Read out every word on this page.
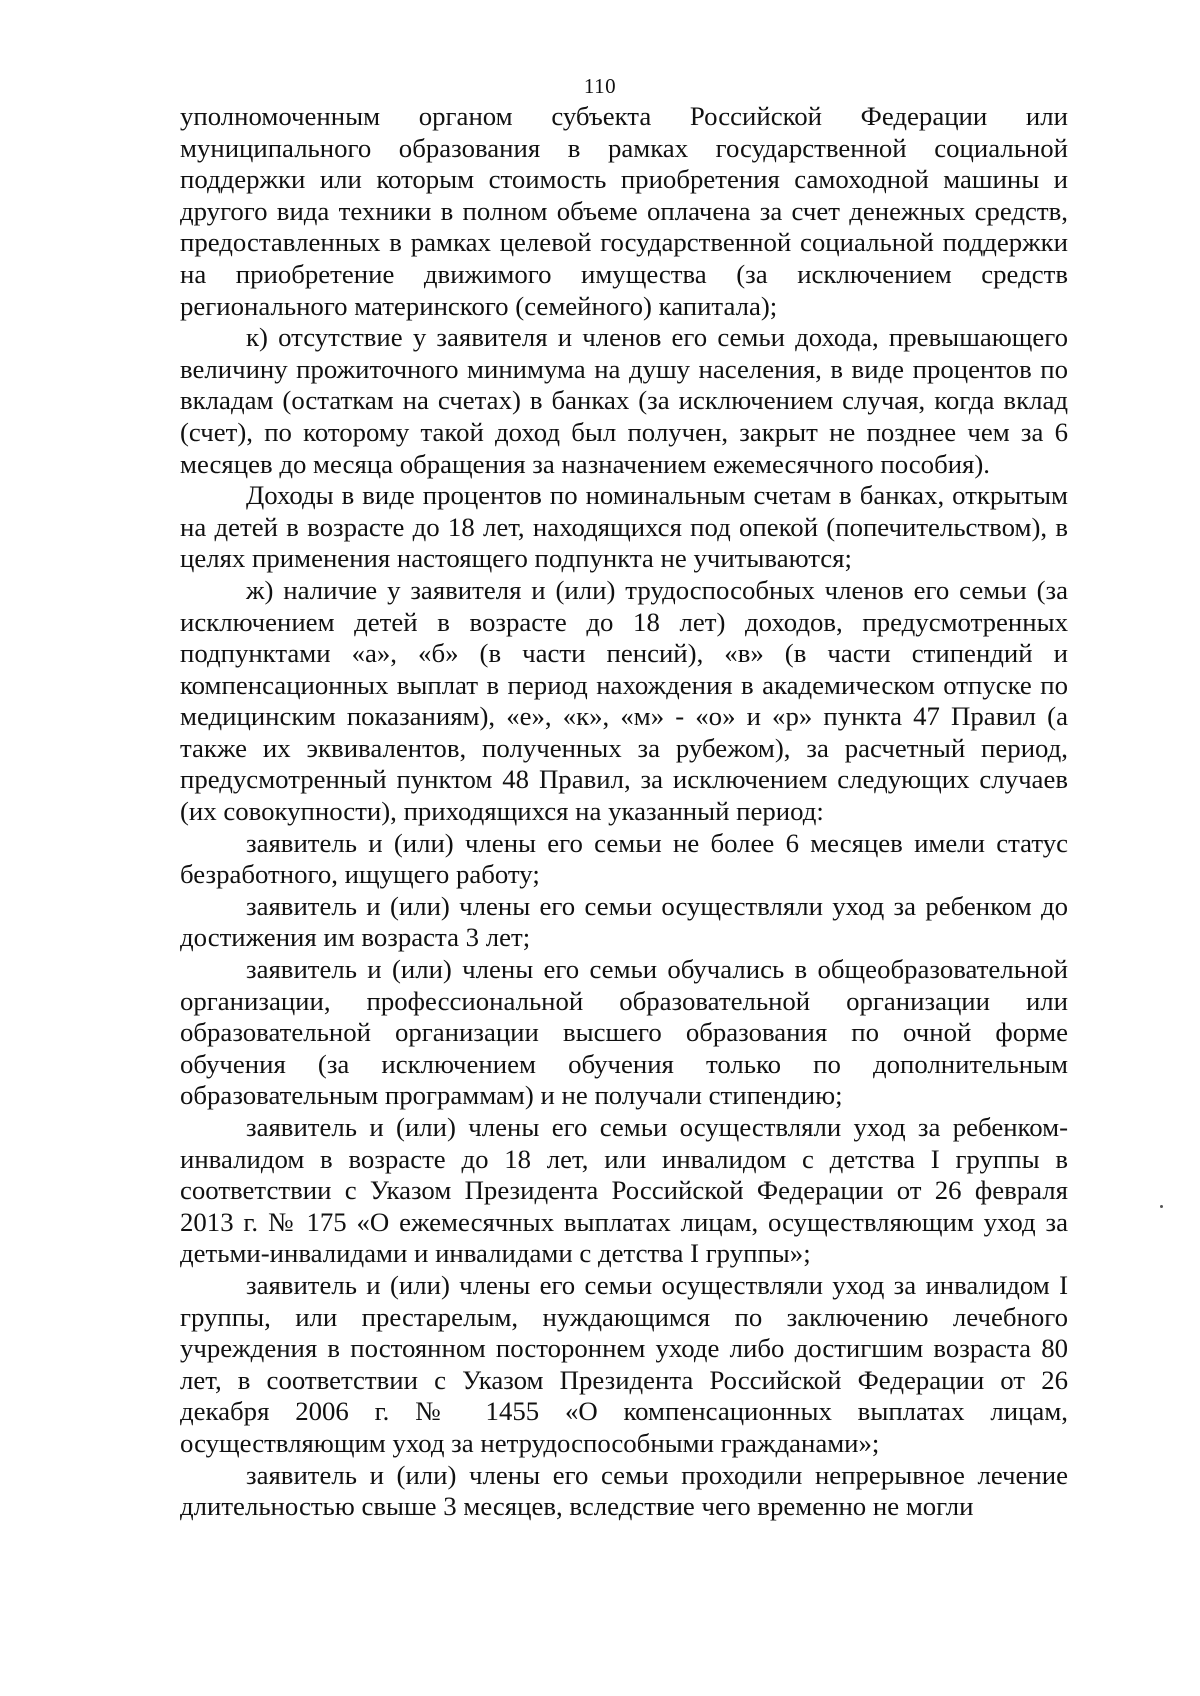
110

уполномоченным органом субъекта Российской Федерации или муниципального образования в рамках государственной социальной поддержки или которым стоимость приобретения самоходной машины и другого вида техники в полном объеме оплачена за счет денежных средств, предоставленных в рамках целевой государственной социальной поддержки на приобретение движимого имущества (за исключением средств регионального материнского (семейного) капитала);

к) отсутствие у заявителя и членов его семьи дохода, превышающего величину прожиточного минимума на душу населения, в виде процентов по вкладам (остаткам на счетах) в банках (за исключением случая, когда вклад (счет), по которому такой доход был получен, закрыт не позднее чем за 6 месяцев до месяца обращения за назначением ежемесячного пособия).

Доходы в виде процентов по номинальным счетам в банках, открытым на детей в возрасте до 18 лет, находящихся под опекой (попечительством), в целях применения настоящего подпункта не учитываются;

ж) наличие у заявителя и (или) трудоспособных членов его семьи (за исключением детей в возрасте до 18 лет) доходов, предусмотренных подпунктами «а», «б» (в части пенсий), «в» (в части стипендий и компенсационных выплат в период нахождения в академическом отпуске по медицинским показаниям), «е», «к», «м» - «о» и «р» пункта 47 Правил (а также их эквивалентов, полученных за рубежом), за расчетный период, предусмотренный пунктом 48 Правил, за исключением следующих случаев (их совокупности), приходящихся на указанный период:

заявитель и (или) члены его семьи не более 6 месяцев имели статус безработного, ищущего работу;

заявитель и (или) члены его семьи осуществляли уход за ребенком до достижения им возраста 3 лет;

заявитель и (или) члены его семьи обучались в общеобразовательной организации, профессиональной образовательной организации или образовательной организации высшего образования по очной форме обучения (за исключением обучения только по дополнительным образовательным программам) и не получали стипендию;

заявитель и (или) члены его семьи осуществляли уход за ребенком-инвалидом в возрасте до 18 лет, или инвалидом с детства I группы в соответствии с Указом Президента Российской Федерации от 26 февраля 2013 г. № 175 «О ежемесячных выплатах лицам, осуществляющим уход за детьми-инвалидами и инвалидами с детства I группы»;

заявитель и (или) члены его семьи осуществляли уход за инвалидом I группы, или престарелым, нуждающимся по заключению лечебного учреждения в постоянном постороннем уходе либо достигшим возраста 80 лет, в соответствии с Указом Президента Российской Федерации от 26 декабря 2006 г. № 1455 «О компенсационных выплатах лицам, осуществляющим уход за нетрудоспособными гражданами»;

заявитель и (или) члены его семьи проходили непрерывное лечение длительностью свыше 3 месяцев, вследствие чего временно не могли
